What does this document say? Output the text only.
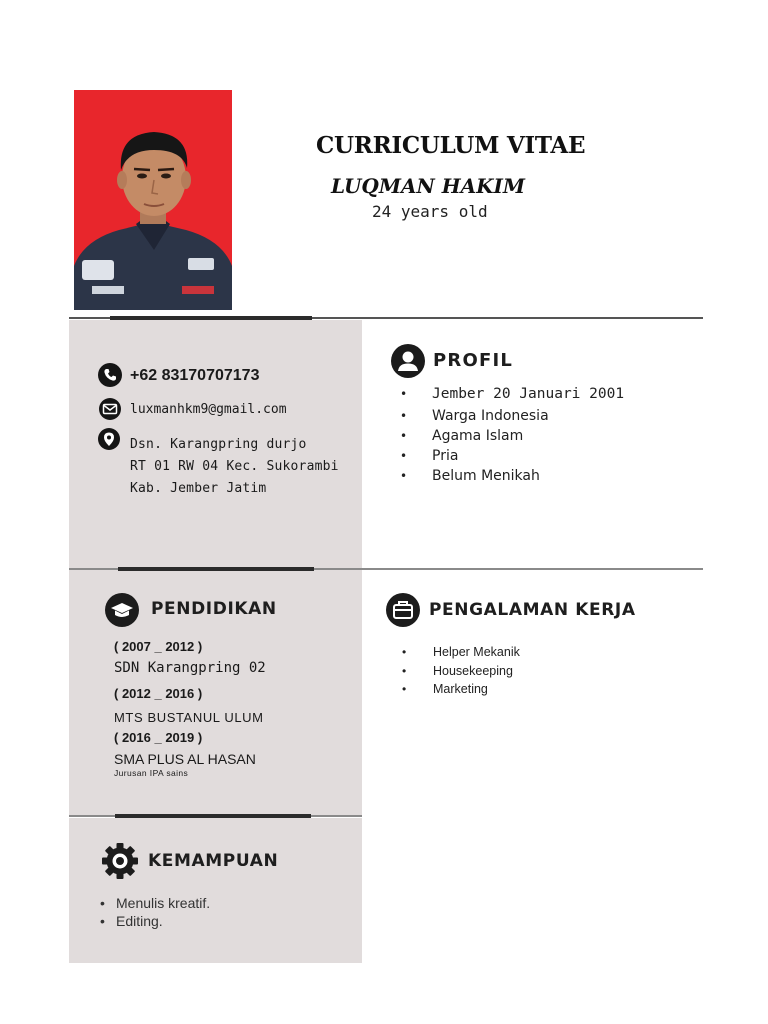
CURRICULUM VITAE
LUQMAN HAKIM
24 years old
+62 83170707173
luxmanhkm9@gmail.com
Dsn. Karangpring durjo
RT 01 RW 04 Kec. Sukorambi
Kab. Jember Jatim
PROFIL
• Jember 20 Januari 2001
• Warga Indonesia
• Agama Islam
• Pria
• Belum Menikah
PENDIDIKAN
( 2007 _ 2012 )
SDN Karangpring 02
( 2012 _ 2016 )
MTS BUSTANUL ULUM
( 2016 _ 2019 )
SMA PLUS AL HASAN
Jurusan IPA sains
PENGALAMAN KERJA
• Helper Mekanik
• Housekeeping
• Marketing
KEMAMPUAN
• Menulis kreatif.
• Editing.
